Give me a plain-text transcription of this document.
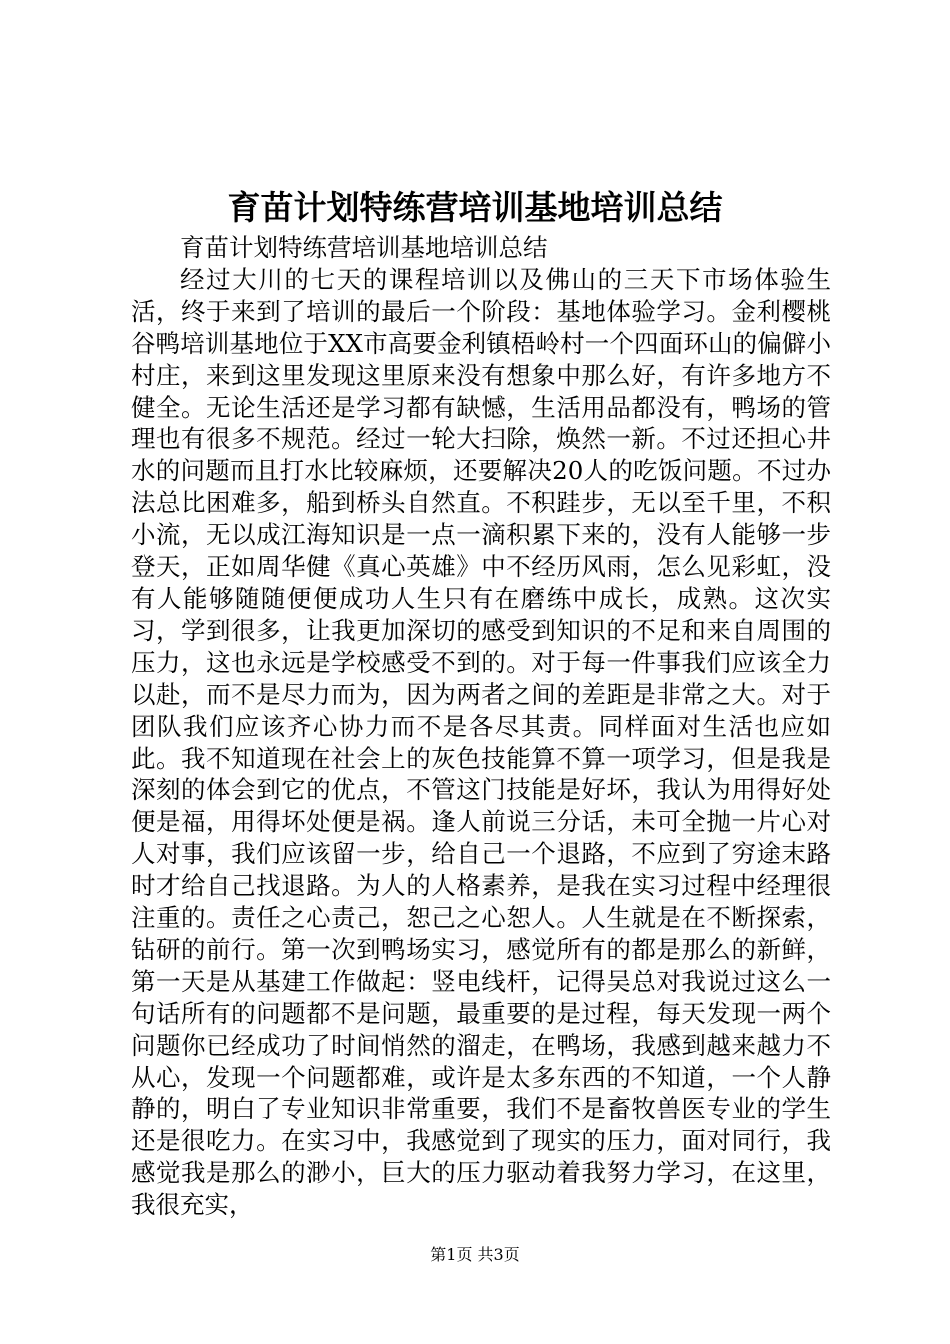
育苗计划特练营培训基地培训总结

育苗计划特练营培训基地培训总结

经过大川的七天的课程培训以及佛山的三天下市场体验生活，终于来到了培训的最后一个阶段：基地体验学习。金利樱桃谷鸭培训基地位于XX市高要金利镇梧岭村一个四面环山的偏僻小村庄，来到这里发现这里原来没有想象中那么好，有许多地方不健全。无论生活还是学习都有缺憾，生活用品都没有，鸭场的管理也有很多不规范。经过一轮大扫除，焕然一新。不过还担心井水的问题而且打水比较麻烦，还要解决20人的吃饭问题。不过办法总比困难多，船到桥头自然直。不积跬步，无以至千里，不积小流，无以成江海知识是一点一滴积累下来的，没有人能够一步登天，正如周华健《真心英雄》中不经历风雨，怎么见彩虹，没有人能够随随便便成功人生只有在磨练中成长，成熟。这次实习，学到很多，让我更加深切的感受到知识的不足和来自周围的压力，这也永远是学校感受不到的。对于每一件事我们应该全力以赴，而不是尽力而为，因为两者之间的差距是非常之大。对于团队我们应该齐心协力而不是各尽其责。同样面对生活也应如此。我不知道现在社会上的灰色技能算不算一项学习，但是我是深刻的体会到它的优点，不管这门技能是好坏，我认为用得好处便是福，用得坏处便是祸。逢人前说三分话，未可全抛一片心对人对事，我们应该留一步，给自己一个退路，不应到了穷途末路时才给自己找退路。为人的人格素养，是我在实习过程中经理很注重的。责任之心责己，恕己之心恕人。人生就是在不断探索，钻研的前行。第一次到鸭场实习，感觉所有的都是那么的新鲜，第一天是从基建工作做起：竖电线杆，记得吴总对我说过这么一句话所有的问题都不是问题，最重要的是过程，每天发现一两个问题你已经成功了时间悄然的溜走，在鸭场，我感到越来越力不从心，发现一个问题都难，或许是太多东西的不知道，一个人静静的，明白了专业知识非常重要，我们不是畜牧兽医专业的学生还是很吃力。在实习中，我感觉到了现实的压力，面对同行，我感觉我是那么的渺小，巨大的压力驱动着我努力学习，在这里，我很充实，

第1页 共3页
